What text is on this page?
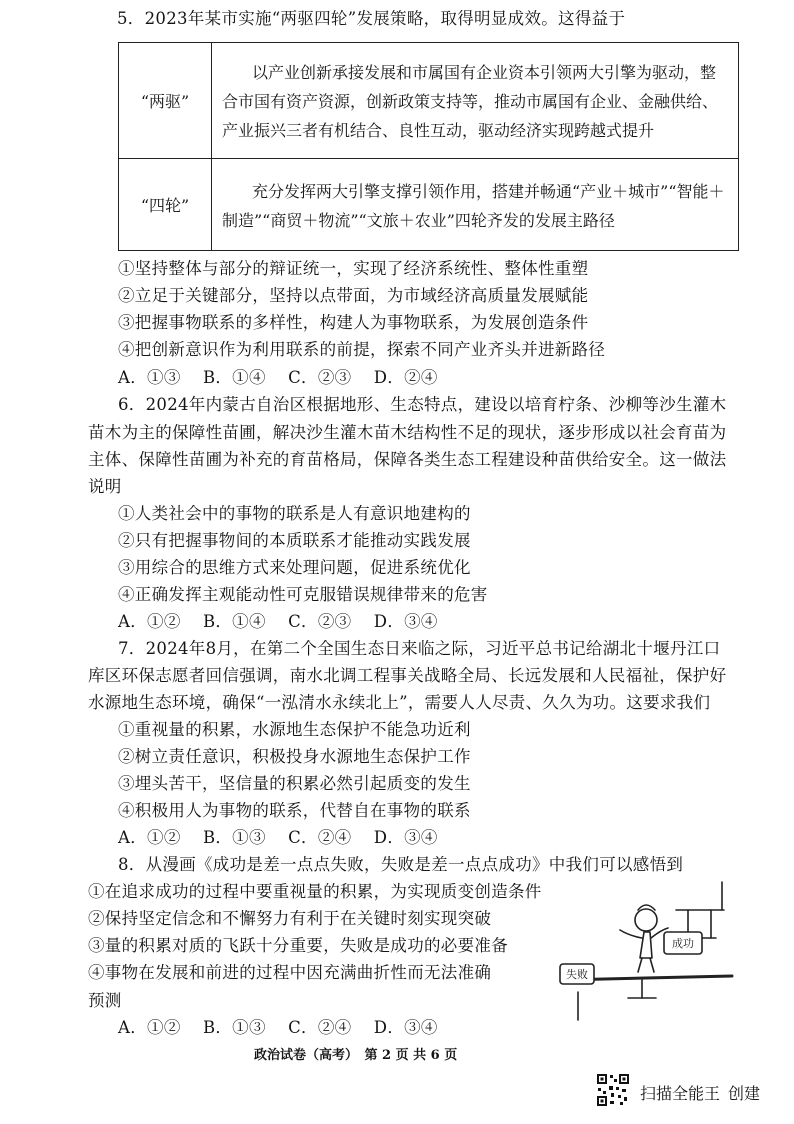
5．2023年某市实施“两驱四轮”发展策略，取得明显成效。这得益于
“两驱”	以产业创新承接发展和市属国有企业资本引领两大引擎为驱动，整合市国有资产资源，创新政策支持等，推动市属国有企业、金融供给、产业振兴三者有机结合、良性互动，驱动经济实现跨越式提升
“四轮”	充分发挥两大引擎支撑引领作用，搭建并畅通“产业＋城市”“智能＋制造”“商贸＋物流”“文旅＋农业”四轮齐发的发展主路径
①坚持整体与部分的辩证统一，实现了经济系统性、整体性重塑
②立足于关键部分，坚持以点带面，为市域经济高质量发展赋能
③把握事物联系的多样性，构建人为事物联系，为发展创造条件
④把创新意识作为利用联系的前提，探索不同产业齐头并进新路径
A．①③　 B．①④　 C．②③　 D．②④
6．2024年内蒙古自治区根据地形、生态特点，建设以培育柠条、沙柳等沙生灌木
苗木为主的保障性苗圃，解决沙生灌木苗木结构性不足的现状，逐步形成以社会育苗为
主体、保障性苗圃为补充的育苗格局，保障各类生态工程建设种苗供给安全。这一做法
说明
①人类社会中的事物的联系是人有意识地建构的
②只有把握事物间的本质联系才能推动实践发展
③用综合的思维方式来处理问题，促进系统优化
④正确发挥主观能动性可克服错误规律带来的危害
A．①②　 B．①④　 C．②③　 D．③④
7．2024年8月，在第二个全国生态日来临之际，习近平总书记给湖北十堰丹江口
库区环保志愿者回信强调，南水北调工程事关战略全局、长远发展和人民福祉，保护好
水源地生态环境，确保“一泓清水永续北上”，需要人人尽责、久久为功。这要求我们
①重视量的积累，水源地生态保护不能急功近利
②树立责任意识，积极投身水源地生态保护工作
③埋头苦干，坚信量的积累必然引起质变的发生
④积极用人为事物的联系，代替自在事物的联系
A．①②　 B．①③　 C．②④　 D．③④
8．从漫画《成功是差一点点失败，失败是差一点点成功》中我们可以感悟到
①在追求成功的过程中要重视量的积累，为实现质变创造条件
②保持坚定信念和不懈努力有利于在关键时刻实现突破
③量的积累对质的飞跃十分重要，失败是成功的必要准备
④事物在发展和前进的过程中因充满曲折性而无法准确
预测
A．①②　 B．①③　 C．②④　 D．③④
成功
失败
政治试卷（高考）　第 2 页 共 6 页
扫描全能王 创建
